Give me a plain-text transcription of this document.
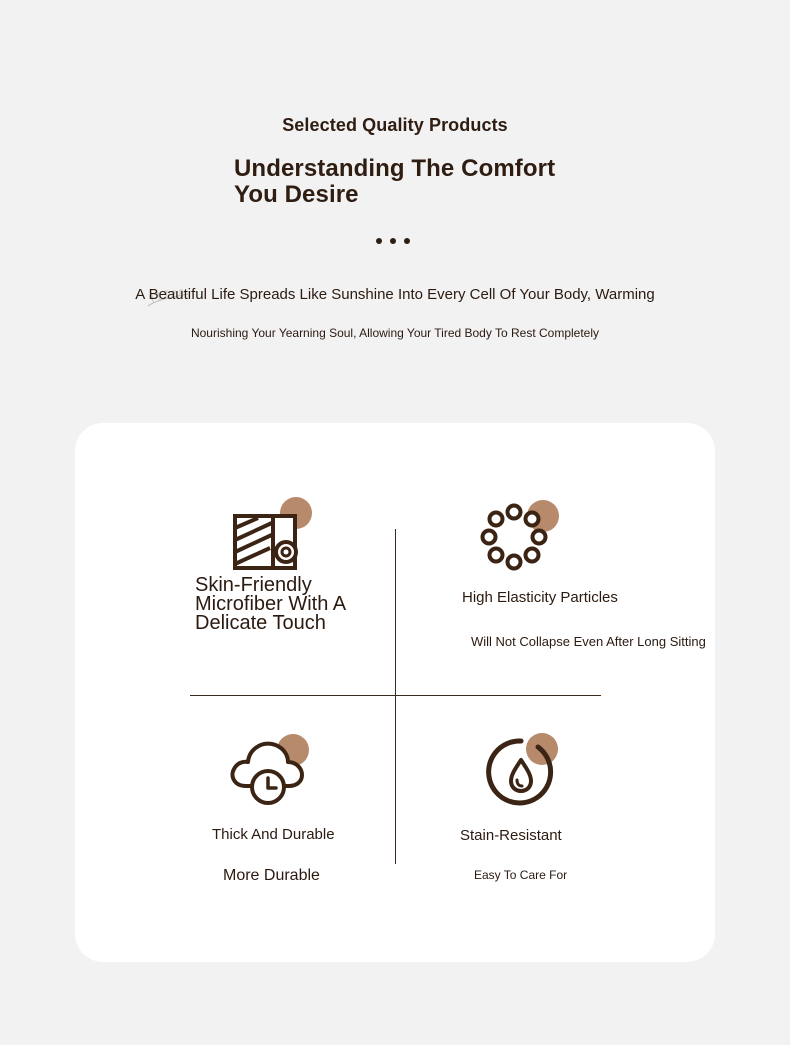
Selected Quality Products
Understanding The Comfort
You Desire
A Beautiful Life Spreads Like Sunshine Into Every Cell Of Your Body, Warming
Nourishing Your Yearning Soul, Allowing Your Tired Body To Rest Completely
Skin-Friendly Microfiber With A Delicate Touch
High Elasticity Particles
Will Not Collapse Even After Long Sitting
Thick And Durable
More Durable
Stain-Resistant
Easy To Care For
